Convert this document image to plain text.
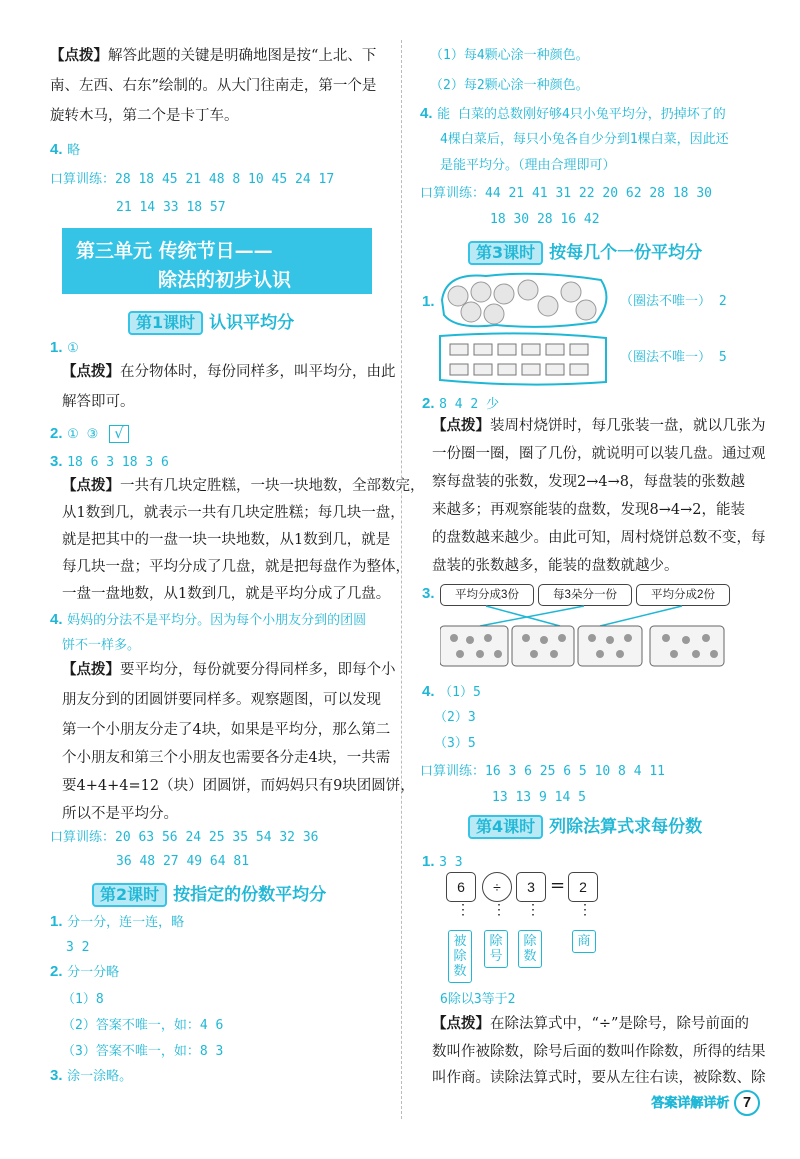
【点拨】解答此题的关键是明确地图是按“上北、下
南、左西、右东”绘制的。从大门往南走，第一个是
旋转木马，第二个是卡丁车。
4. 略
口算训练：28 18 45 21 48 8 10 45 24 17
21 14 33 18 57
第三单元 传统节日——
除法的初步认识
第1课时 认识平均分
1. ①
【点拨】在分物体时，每份同样多，叫平均分，由此
解答即可。
2. ① ③ √
3. 18 6 3 18 3 6
【点拨】一共有几块定胜糕，一块一块地数，全部数完，
从1数到几，就表示一共有几块定胜糕；每几块一盘，
就是把其中的一盘一块一块地数，从1数到几，就是
每几块一盘；平均分成了几盘，就是把每盘作为整体，
一盘一盘地数，从1数到几，就是平均分成了几盘。
4. 妈妈的分法不是平均分。因为每个小朋友分到的团圆
饼不一样多。
【点拨】要平均分，每份就要分得同样多，即每个小
朋友分到的团圆饼要同样多。观察题图，可以发现
第一个小朋友分走了4块，如果是平均分，那么第二
个小朋友和第三个小朋友也需要各分走4块，一共需
要4+4+4=12（块）团圆饼，而妈妈只有9块团圆饼，
所以不是平均分。
口算训练：20 63 56 24 25 35 54 32 36
36 48 27 49 64 81
第2课时 按指定的份数平均分
1. 分一分，连一连，略
3 2
2. 分一分略
（1）8
（2）答案不唯一，如：4 6
（3）答案不唯一，如：8 3
3. 涂一涂略。
（1）每4颗心涂一种颜色。
（2）每2颗心涂一种颜色。
4. 能 白菜的总数刚好够4只小兔平均分，扔掉坏了的
4棵白菜后，每只小兔各自少分到1棵白菜，因此还
是能平均分。（理由合理即可）
口算训练：44 21 41 31 22 20 62 28 18 30
18 30 28 16 42
第3课时 按每几个一份平均分
1.	（圈法不唯一） 2
（圈法不唯一） 5
2. 8 4 2 少
【点拨】装周村烧饼时，每几张装一盘，就以几张为
一份圈一圈，圈了几份，就说明可以装几盘。通过观
察每盘装的张数，发现2→4→8，每盘装的张数越
来越多；再观察能装的盘数，发现8→4→2，能装
的盘数越来越少。由此可知，周村烧饼总数不变，每
盘装的张数越多，能装的盘数就越少。
3.	平均分成3份	每3朵分一份	平均分成2份
4. （1）5
（2）3
（3）5
口算训练：16 3 6 25 6 5 10 8 4 11
13 13 9 14 5
第4课时 列除法算式求每份数
1. 3 3
6	÷	3 =	2
⋮ ⋮ ⋮	⋮
被除数
除号
除数
商
6除以3等于2
【点拨】在除法算式中，“÷”是除号，除号前面的
数叫作被除数，除号后面的数叫作除数，所得的结果
叫作商。读除法算式时，要从左往右读，被除数、除
答案详解详析 7
